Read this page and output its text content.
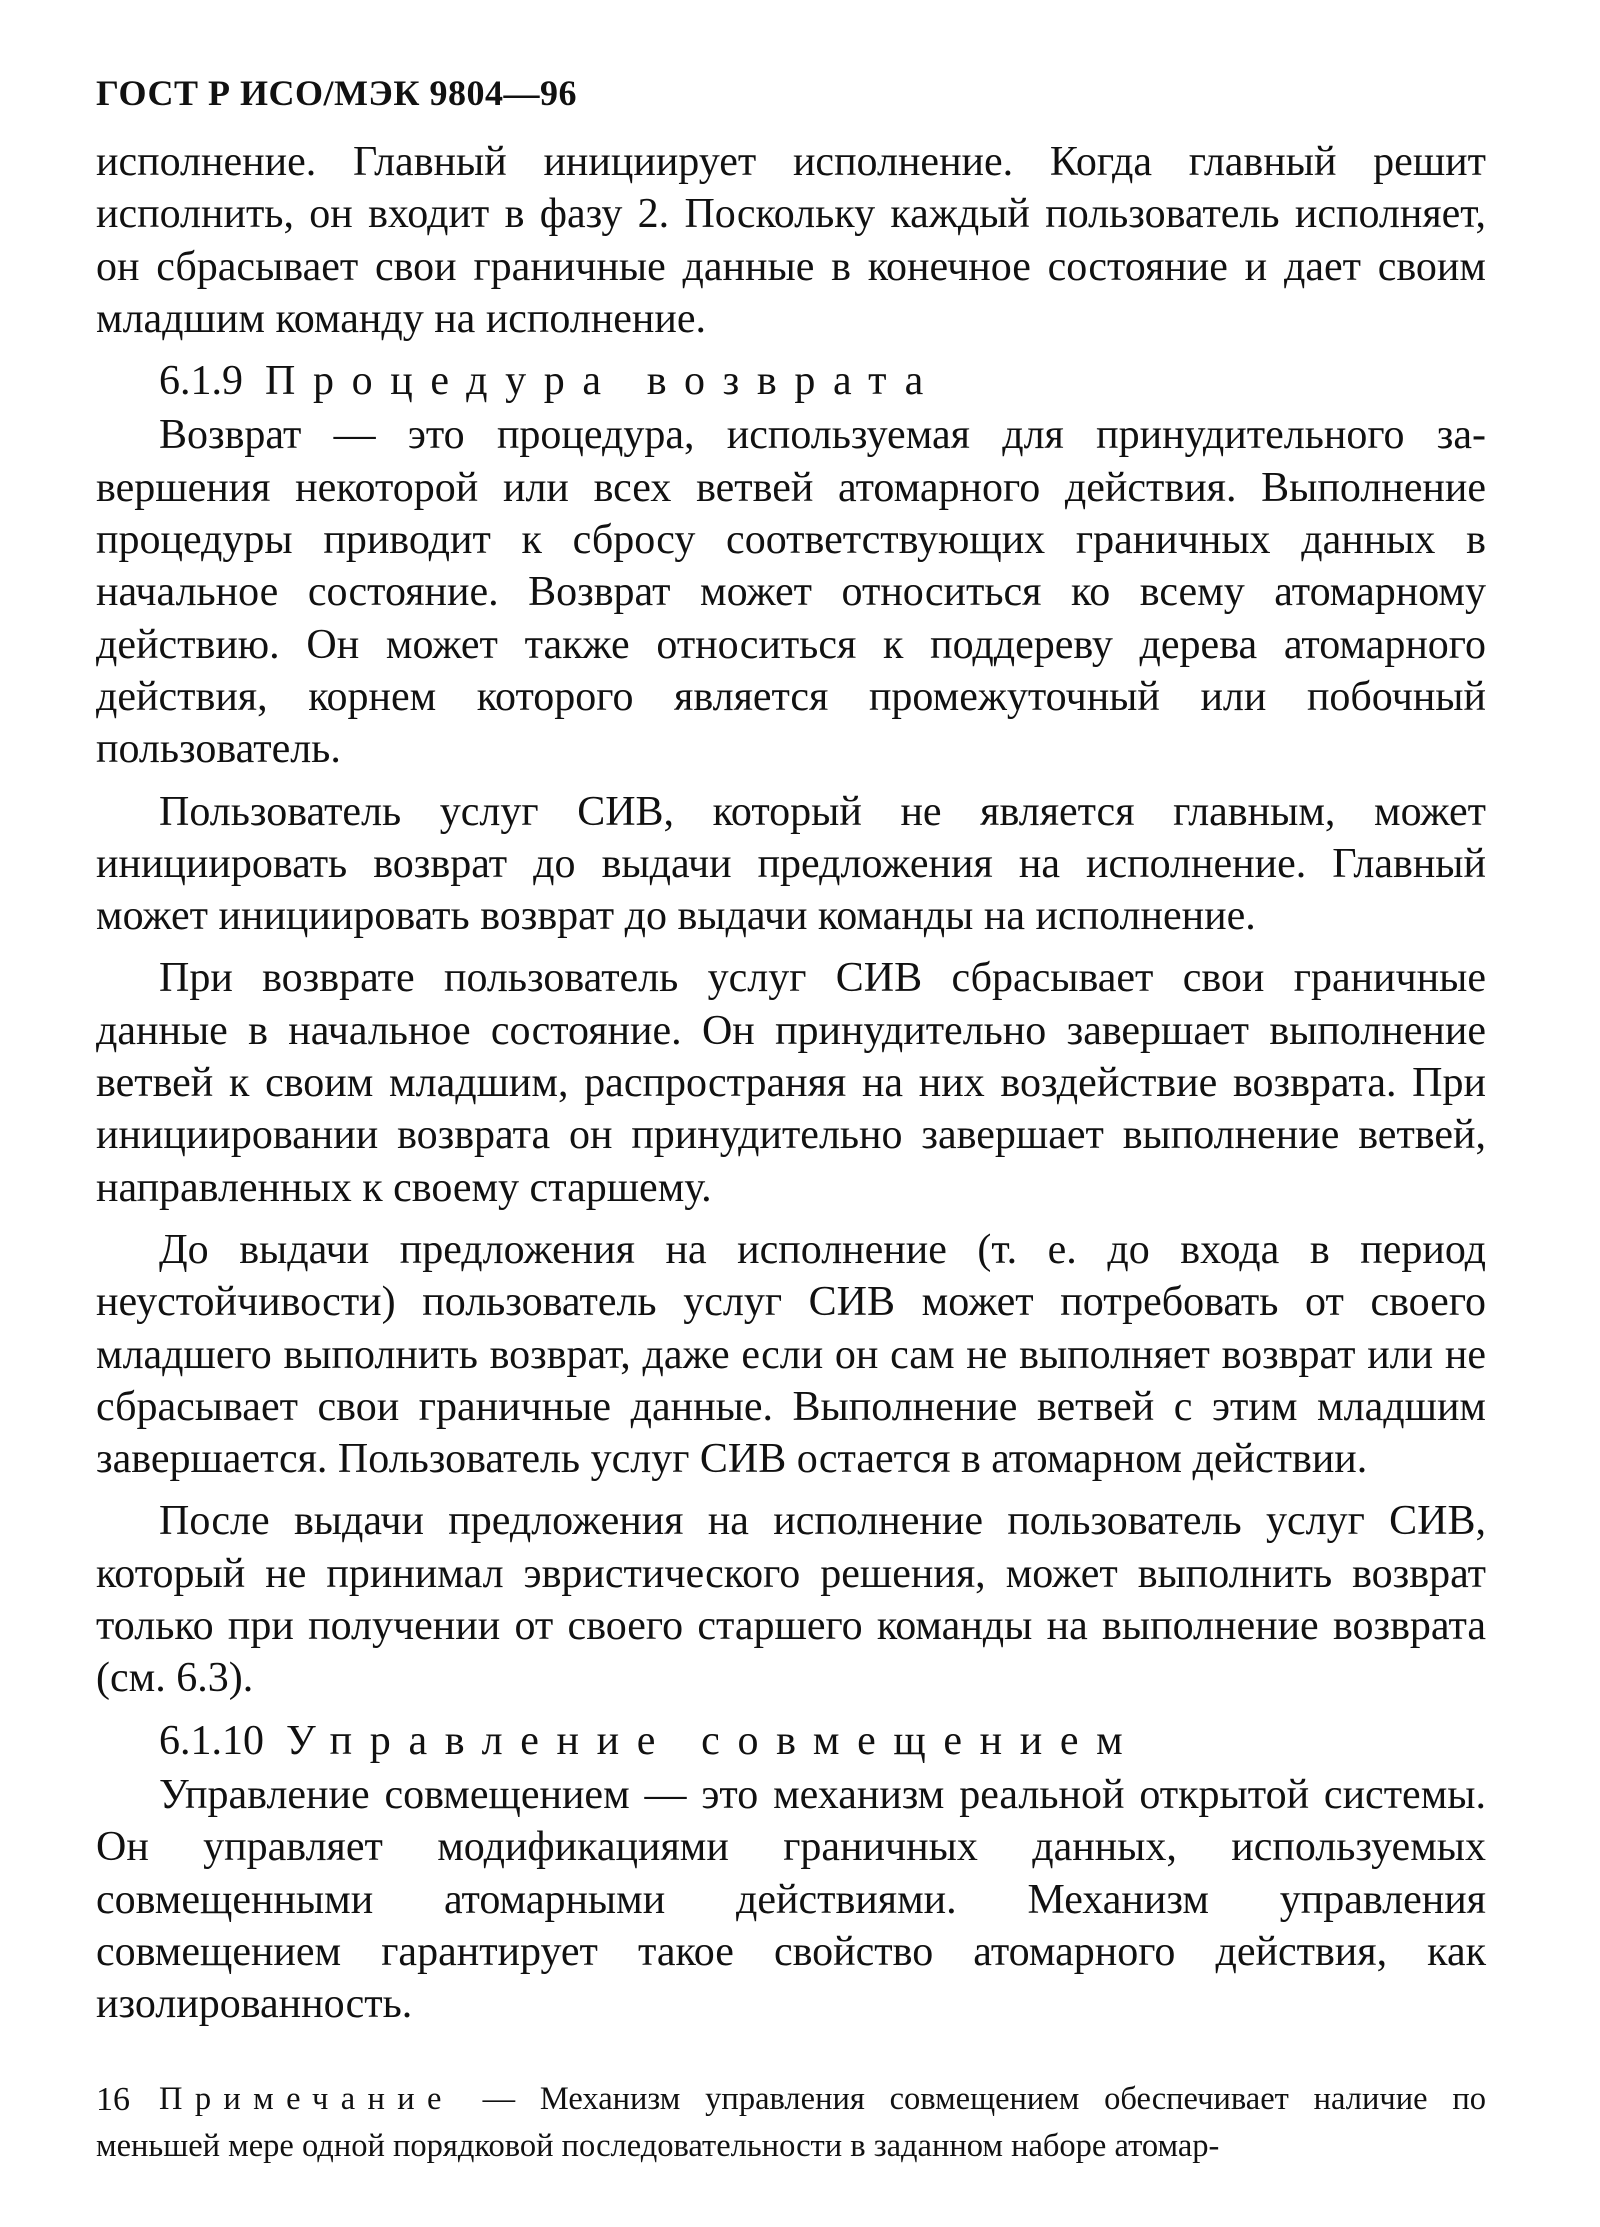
ГОСТ Р ИСО/МЭК 9804—96

исполнение. Главный инициирует исполнение. Когда главный решит исполнить, он входит в фазу 2. Поскольку каждый пользователь исполняет, он сбрасывает свои граничные данные в конечное состояние и дает своим младшим команду на исполнение.

6.1.9 Процедура возврата

Возврат — это процедура, используемая для принудительного завершения некоторой или всех ветвей атомарного действия. Выполнение процедуры приводит к сбросу соответствующих граничных данных в начальное состояние. Возврат может относиться ко всему атомарному действию. Он может также относиться к поддереву дерева атомарного действия, корнем которого является промежуточный или побочный пользователь.

Пользователь услуг СИВ, который не является главным, может инициировать возврат до выдачи предложения на исполнение. Главный может инициировать возврат до выдачи команды на исполнение.

При возврате пользователь услуг СИВ сбрасывает свои граничные данные в начальное состояние. Он принудительно завершает выполнение ветвей к своим младшим, распространяя на них воздействие возврата. При инициировании возврата он принудительно завершает выполнение ветвей, направленных к своему старшему.

До выдачи предложения на исполнение (т. е. до входа в период неустойчивости) пользователь услуг СИВ может потребовать от своего младшего выполнить возврат, даже если он сам не выполняет возврат или не сбрасывает свои граничные данные. Выполнение ветвей с этим младшим завершается. Пользователь услуг СИВ остается в атомарном действии.

После выдачи предложения на исполнение пользователь услуг СИВ, который не принимал эвристического решения, может выполнить возврат только при получении от своего старшего команды на выполнение возврата (см. 6.3).

6.1.10 Управление совмещением

Управление совмещением — это механизм реальной открытой системы. Он управляет модификациями граничных данных, используемых совмещенными атомарными действиями. Механизм управления совмещением гарантирует такое свойство атомарного действия, как изолированность.

Примечание — Механизм управления совмещением обеспечивает наличие по меньшей мере одной порядковой последовательности в заданном наборе атомар-
16
